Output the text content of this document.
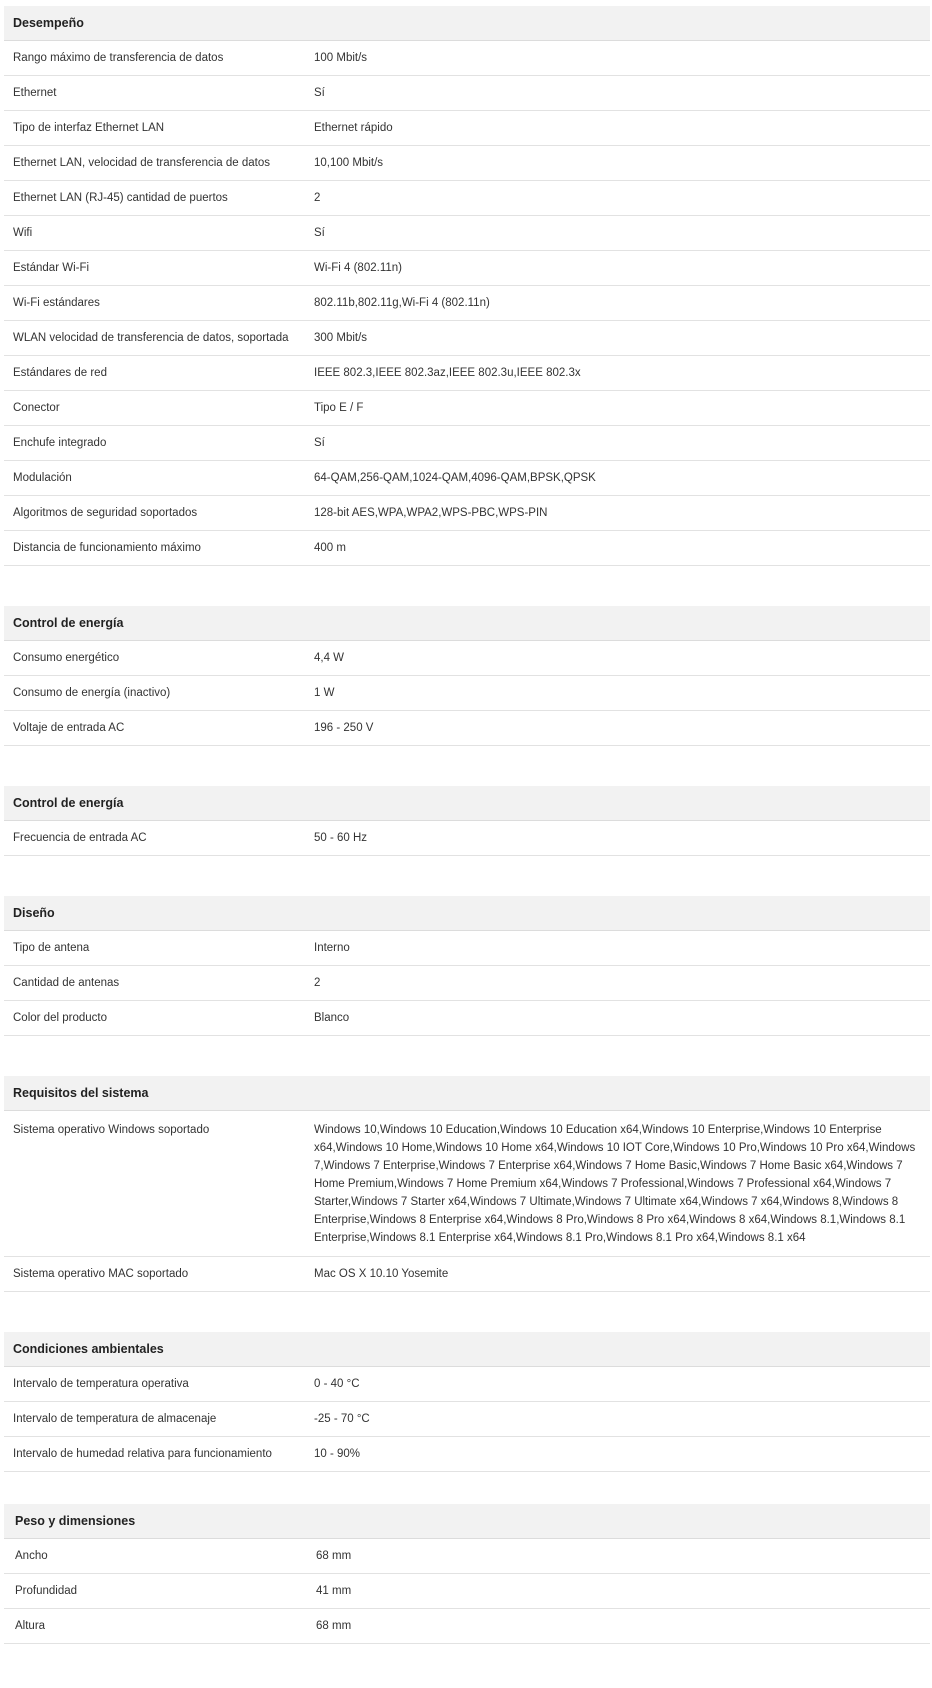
Desempeño
Rango máximo de transferencia de datos	100 Mbit/s
Ethernet	Sí
Tipo de interfaz Ethernet LAN	Ethernet rápido
Ethernet LAN, velocidad de transferencia de datos	10,100 Mbit/s
Ethernet LAN (RJ-45) cantidad de puertos	2
Wifi	Sí
Estándar Wi-Fi	Wi-Fi 4 (802.11n)
Wi-Fi estándares	802.11b,802.11g,Wi-Fi 4 (802.11n)
WLAN velocidad de transferencia de datos, soportada	300 Mbit/s
Estándares de red	IEEE 802.3,IEEE 802.3az,IEEE 802.3u,IEEE 802.3x
Conector	Tipo E / F
Enchufe integrado	Sí
Modulación	64-QAM,256-QAM,1024-QAM,4096-QAM,BPSK,QPSK
Algoritmos de seguridad soportados	128-bit AES,WPA,WPA2,WPS-PBC,WPS-PIN
Distancia de funcionamiento máximo	400 m
Control de energía
Consumo energético	4,4 W
Consumo de energía (inactivo)	1 W
Voltaje de entrada AC	196 - 250 V
Control de energía
Frecuencia de entrada AC	50 - 60 Hz
Diseño
Tipo de antena	Interno
Cantidad de antenas	2
Color del producto	Blanco
Requisitos del sistema
Sistema operativo Windows soportado	Windows 10,Windows 10 Education,Windows 10 Education x64,Windows 10 Enterprise,Windows 10 Enterprise x64,Windows 10 Home,Windows 10 Home x64,Windows 10 IOT Core,Windows 10 Pro,Windows 10 Pro x64,Windows 7,Windows 7 Enterprise,Windows 7 Enterprise x64,Windows 7 Home Basic,Windows 7 Home Basic x64,Windows 7 Home Premium,Windows 7 Home Premium x64,Windows 7 Professional,Windows 7 Professional x64,Windows 7 Starter,Windows 7 Starter x64,Windows 7 Ultimate,Windows 7 Ultimate x64,Windows 7 x64,Windows 8,Windows 8 Enterprise,Windows 8 Enterprise x64,Windows 8 Pro,Windows 8 Pro x64,Windows 8 x64,Windows 8.1,Windows 8.1 Enterprise,Windows 8.1 Enterprise x64,Windows 8.1 Pro,Windows 8.1 Pro x64,Windows 8.1 x64
Sistema operativo MAC soportado	Mac OS X 10.10 Yosemite
Condiciones ambientales
Intervalo de temperatura operativa	0 - 40 °C
Intervalo de temperatura de almacenaje	-25 - 70 °C
Intervalo de humedad relativa para funcionamiento	10 - 90%
Peso y dimensiones
Ancho	68 mm
Profundidad	41 mm
Altura	68 mm
